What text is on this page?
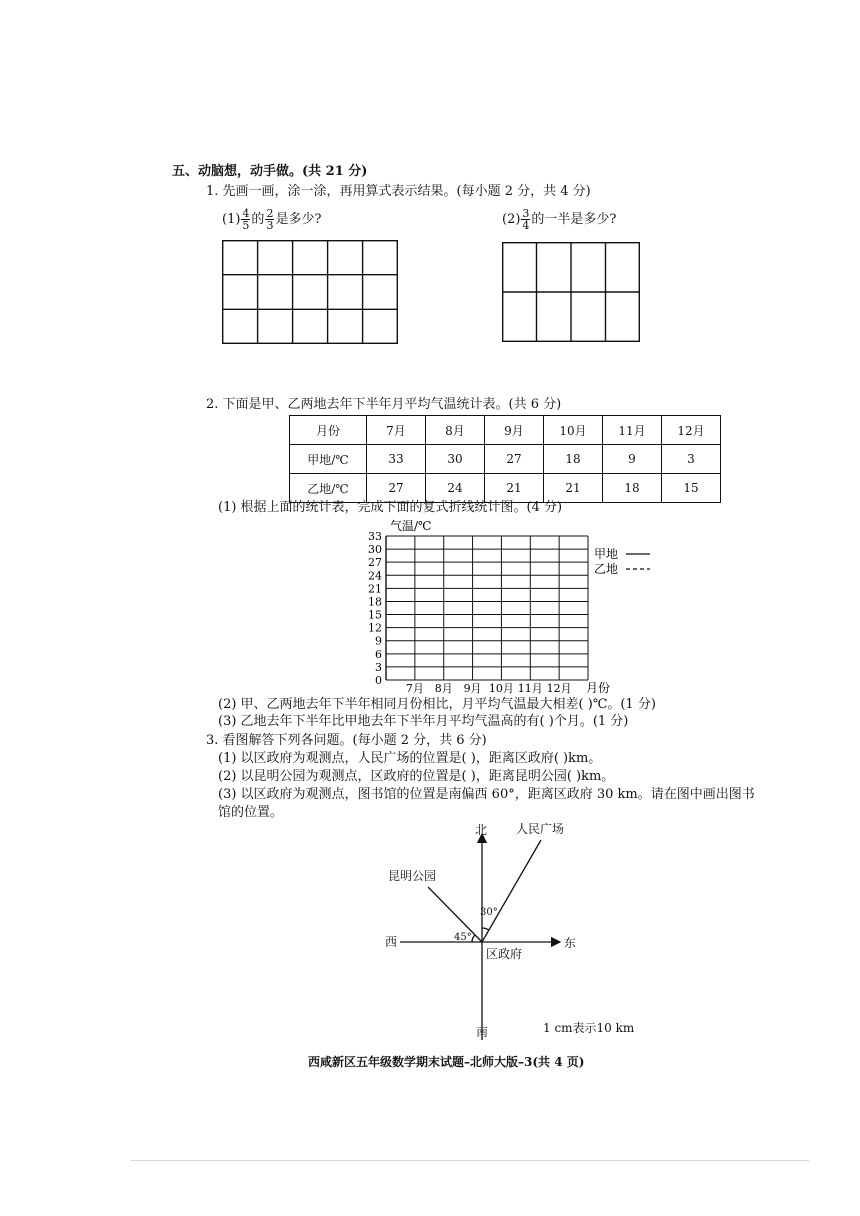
五、动脑想，动手做。(共 21 分)
1. 先画一画，涂一涂，再用算式表示结果。(每小题 2 分，共 4 分)
$(1) \frac{4}{5}$ 的 $\frac{2}{3}$ 是多少?	$(2) \frac{3}{4}$ 的一半是多少?
2. 下面是甲、乙两地去年下半年月平均气温统计表。(共 6 分)
月份	7月	8月	9月	10月	11月	12月
甲地/℃	33	30	27	18	9	3
乙地/℃	27	24	21	21	18	15
(1) 根据上面的统计表，完成下面的复式折线统计图。(4 分)
气温/℃
0
3
6
9
12
15
18
21
24
27
30
33
7月 8月 9月 10月 11月 12月 月份
甲地
乙地
(2) 甲、乙两地去年下半年相同月份相比，月平均气温最大相差( )℃。(1 分)
(3) 乙地去年下半年比甲地去年下半年月平均气温高的有( )个月。(1 分)
3. 看图解答下列各问题。(每小题 2 分，共 6 分)
(1) 以区政府为观测点，人民广场的位置是( )，距离区政府( )km。
(2) 以昆明公园为观测点，区政府的位置是( )，距离昆明公园( )km。
(3) 以区政府为观测点，图书馆的位置是南偏西 60°，距离区政府 30 km。请在图中画出图书
馆的位置。
北
南
东
西
区政府
人民广场
昆明公园
30°
45°
1 cm表示10 km
西咸新区五年级数学期末试题–北师大版–3(共 4 页)
